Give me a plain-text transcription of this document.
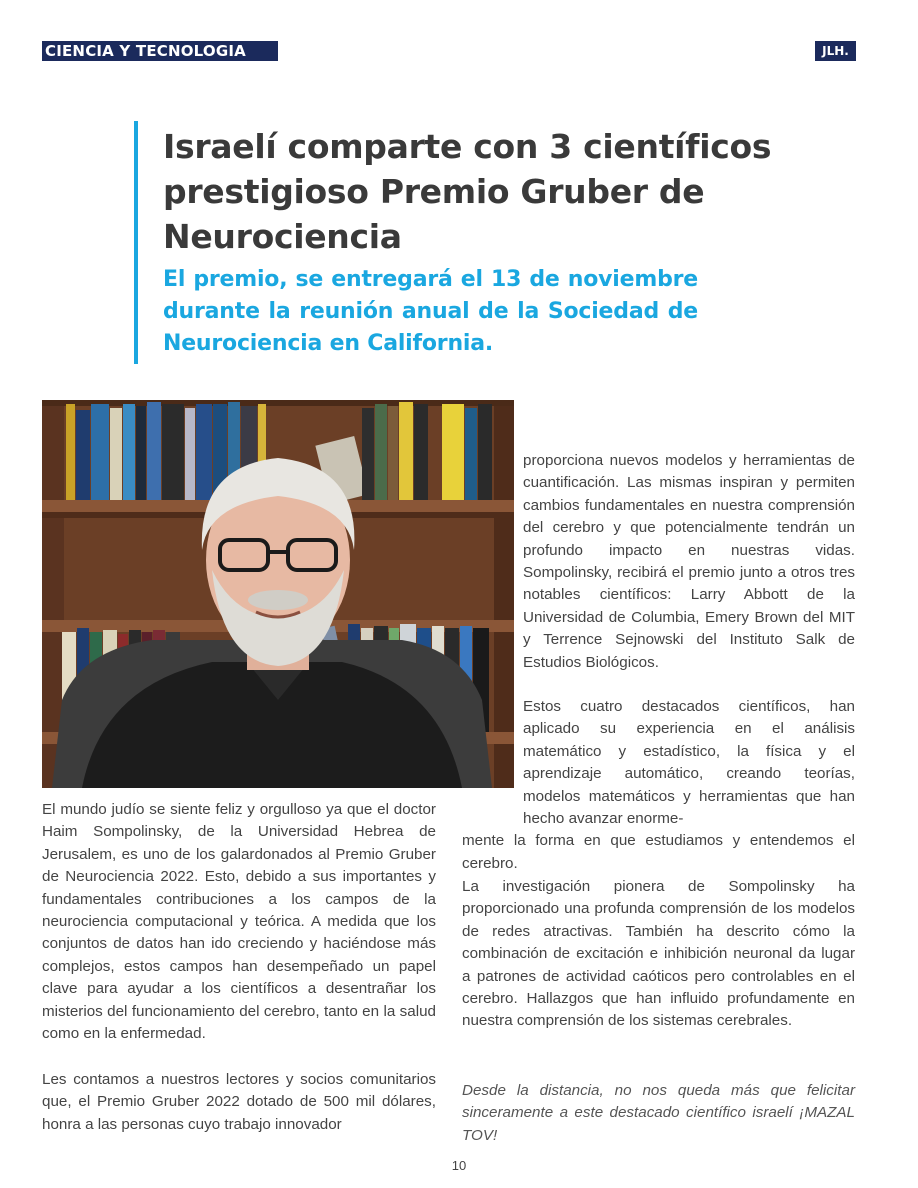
CIENCIA Y TECNOLOGIA	JLH.
Israelí comparte con 3 científicos prestigioso Premio Gruber de Neurociencia
El premio, se entregará el 13 de noviembre durante la reunión anual de la Sociedad de Neurociencia en California.

proporciona nuevos modelos y herramientas de cuantificación. Las mismas inspiran y permiten cambios fundamentales en nuestra comprensión del cerebro y que potencialmente tendrán un profundo impacto en nuestras vidas. Sompolinsky, recibirá el premio junto a otros tres notables científicos: Larry Abbott de la Universidad de Columbia, Emery Brown del MIT y Terrence Sejnowski del Instituto Salk de Estudios Biológicos.

Estos cuatro destacados científicos, han aplicado su experiencia en el análisis matemático y estadístico, la física y el aprendizaje automático, creando teorías, modelos matemáticos y herramientas que han hecho avanzar enorme-
mente la forma en que estudiamos y entendemos el cerebro.

El mundo judío se siente feliz y orgulloso ya que el doctor Haim Sompolinsky, de la Universidad Hebrea de Jerusalem, es uno de los galardonados al Premio Gruber de Neurociencia 2022. Esto, debido a sus importantes y fundamentales contribuciones a los campos de la neurociencia computacional y teórica. A medida que los conjuntos de datos han ido creciendo y haciéndose más complejos, estos campos han desempeñado un papel clave para ayudar a los científicos a desentrañar los misterios del funcionamiento del cerebro, tanto en la salud como en la enfermedad.

Les contamos a nuestros lectores y socios comunitarios que, el Premio Gruber 2022 dotado de 500 mil dólares, honra a las personas cuyo trabajo innovador

La investigación pionera de Sompolinsky ha proporcionado una profunda comprensión de los modelos de redes atractivas. También ha descrito cómo la combinación de excitación e inhibición neuronal da lugar a patrones de actividad caóticos pero controlables en el cerebro. Hallazgos que han influido profundamente en nuestra comprensión de los sistemas cerebrales.

Desde la distancia, no nos queda más que felicitar sinceramente a este destacado científico israelí ¡MAZAL TOV!

10
